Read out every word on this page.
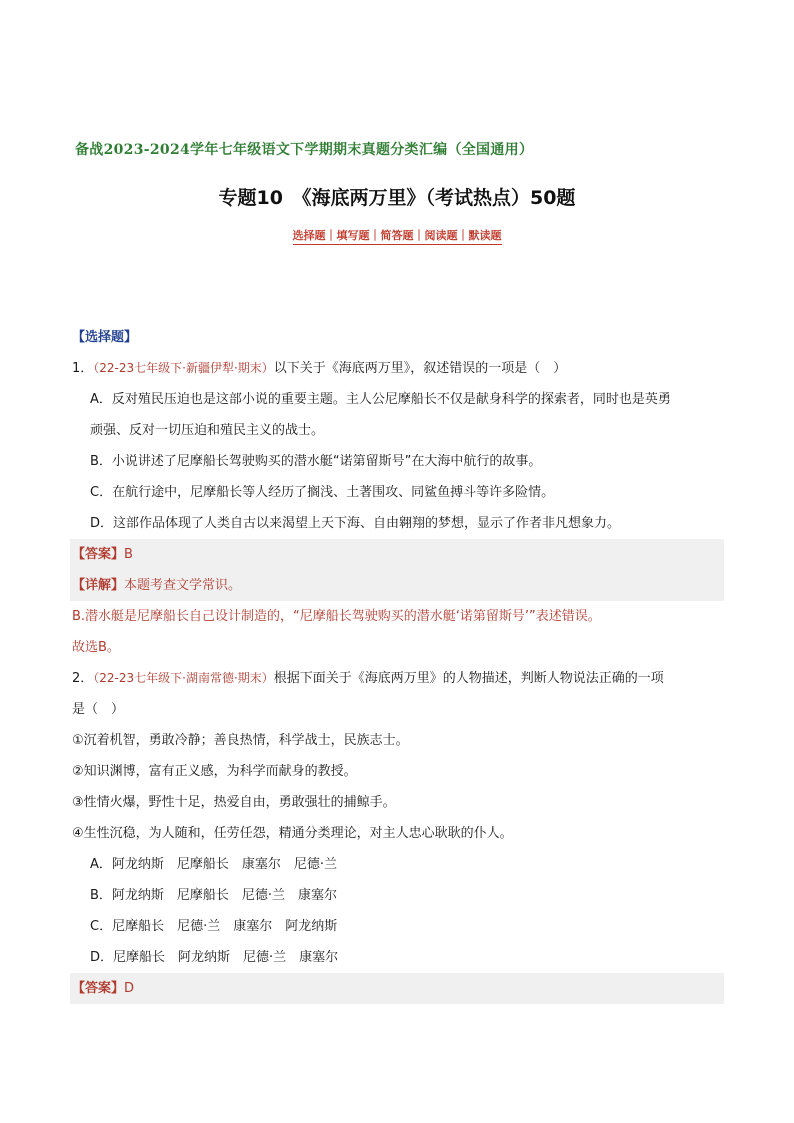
备战2023-2024学年七年级语文下学期期末真题分类汇编（全国通用）
专题10　《海底两万里》（考试热点）50题
选择题｜填写题｜简答题｜阅读题｜默读题
【选择题】
1．（22-23七年级下·新疆伊犁·期末）以下关于《海底两万里》，叙述错误的一项是（　）
A．反对殖民压迫也是这部小说的重要主题。主人公尼摩船长不仅是献身科学的探索者，同时也是英勇
顽强、反对一切压迫和殖民主义的战士。
B．小说讲述了尼摩船长驾驶购买的潜水艇“诺第留斯号”在大海中航行的故事。
C．在航行途中，尼摩船长等人经历了搁浅、土著围攻、同鲨鱼搏斗等许多险情。
D．这部作品体现了人类自古以来渴望上天下海、自由翱翔的梦想，显示了作者非凡想象力。
【答案】B
【详解】本题考查文学常识。
B.潜水艇是尼摩船长自己设计制造的，“尼摩船长驾驶购买的潜水艇‘诺第留斯号’”表述错误。
故选B。
2．（22-23七年级下·湖南常德·期末）根据下面关于《海底两万里》的人物描述，判断人物说法正确的一项
是（　）
①沉着机智，勇敢冷静；善良热情，科学战士，民族志士。
②知识渊博，富有正义感，为科学而献身的教授。
③性情火爆，野性十足，热爱自由，勇敢强壮的捕鲸手。
④生性沉稳，为人随和，任劳任怨，精通分类理论，对主人忠心耿耿的仆人。
A．阿龙纳斯　尼摩船长　康塞尔　尼德·兰
B．阿龙纳斯　尼摩船长　尼德·兰　康塞尔
C．尼摩船长　尼德·兰　康塞尔　阿龙纳斯
D．尼摩船长　阿龙纳斯　尼德·兰　康塞尔
【答案】D
